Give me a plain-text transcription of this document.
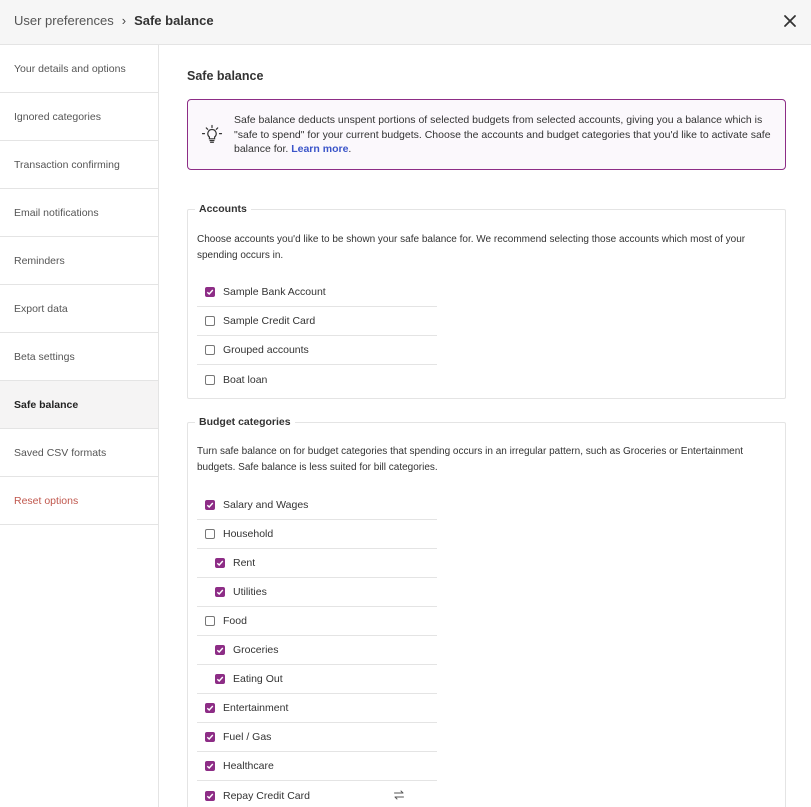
User preferences › Safe balance
Your details and options
Ignored categories
Transaction confirming
Email notifications
Reminders
Export data
Beta settings
Safe balance
Saved CSV formats
Reset options
Safe balance
Safe balance deducts unspent portions of selected budgets from selected accounts, giving you a balance which is "safe to spend" for your current budgets. Choose the accounts and budget categories that you'd like to activate safe balance for. Learn more.
Accounts
Choose accounts you'd like to be shown your safe balance for. We recommend selecting those accounts which most of your spending occurs in.
Sample Bank Account
Sample Credit Card
Grouped accounts
Boat loan
Budget categories
Turn safe balance on for budget categories that spending occurs in an irregular pattern, such as Groceries or Entertainment budgets. Safe balance is less suited for bill categories.
Salary and Wages
Household
Rent
Utilities
Food
Groceries
Eating Out
Entertainment
Fuel / Gas
Healthcare
Repay Credit Card
